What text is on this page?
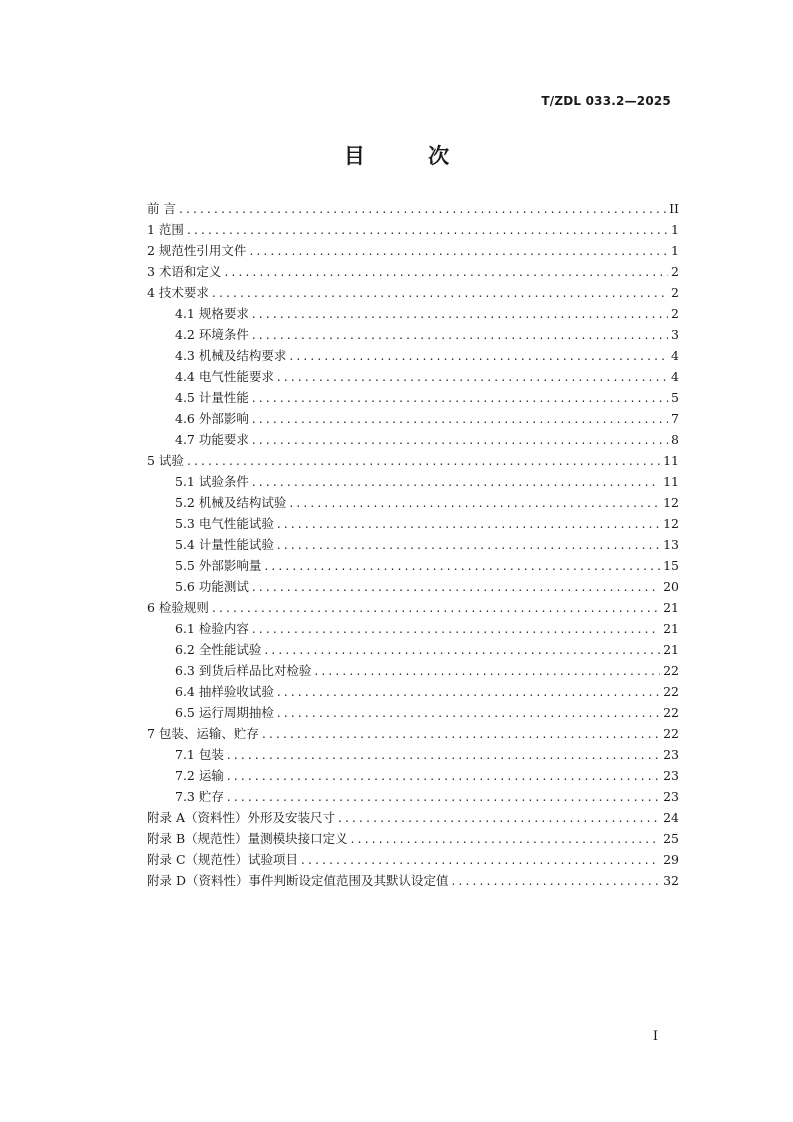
T/ZDL 033.2—2025
目 次
前 言 .....	II
1 范围 .....	1
2 规范性引用文件 .....	1
3 术语和定义 .....	2
4 技术要求 .....	2
4.1 规格要求 .....	2
4.2 环境条件 .....	3
4.3 机械及结构要求 .....	4
4.4 电气性能要求 .....	4
4.5 计量性能 .....	5
4.6 外部影响 .....	7
4.7 功能要求 .....	8
5 试验 .....	11
5.1 试验条件 .....	11
5.2 机械及结构试验 .....	12
5.3 电气性能试验 .....	12
5.4 计量性能试验 .....	13
5.5 外部影响量 .....	15
5.6 功能测试 .....	20
6 检验规则 .....	21
6.1 检验内容 .....	21
6.2 全性能试验 .....	21
6.3 到货后样品比对检验 .....	22
6.4 抽样验收试验 .....	22
6.5 运行周期抽检 .....	22
7 包装、运输、贮存 .....	22
7.1 包装 .....	23
7.2 运输 .....	23
7.3 贮存 .....	23
附录 A（资料性）外形及安装尺寸 .....	24
附录 B（规范性）量测模块接口定义 .....	25
附录 C（规范性）试验项目 .....	29
附录 D（资料性）事件判断设定值范围及其默认设定值 .....	32
I
